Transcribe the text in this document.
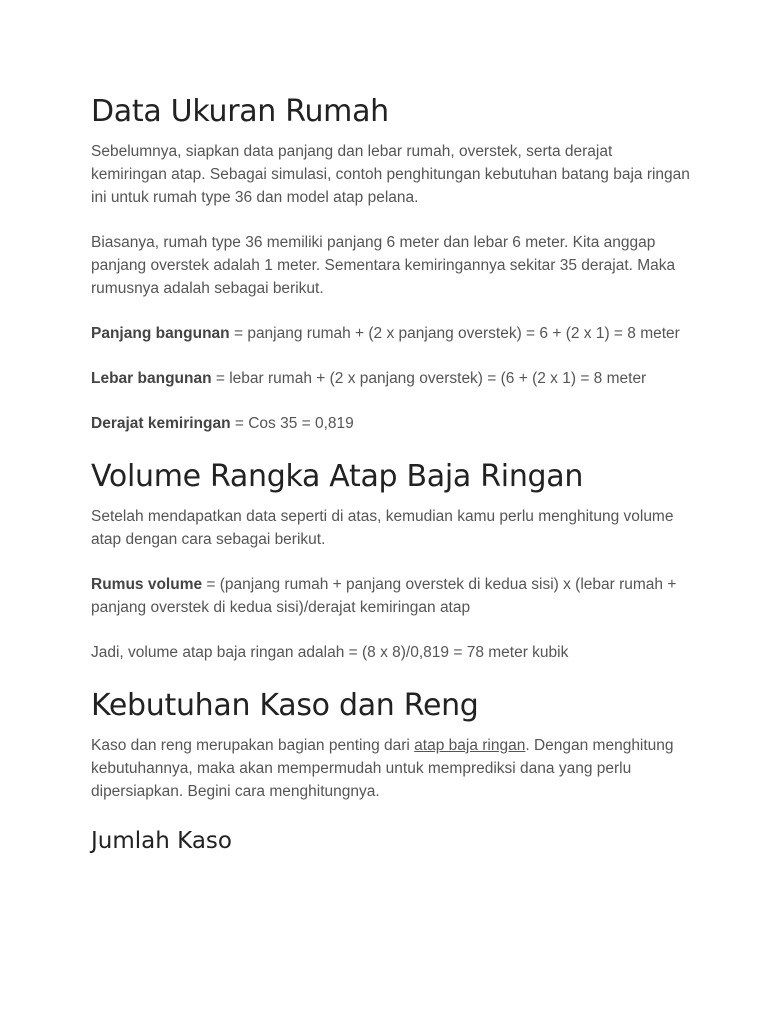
Data Ukuran Rumah

Sebelumnya, siapkan data panjang dan lebar rumah, overstek, serta derajat kemiringan atap. Sebagai simulasi, contoh penghitungan kebutuhan batang baja ringan ini untuk rumah type 36 dan model atap pelana.

Biasanya, rumah type 36 memiliki panjang 6 meter dan lebar 6 meter. Kita anggap panjang overstek adalah 1 meter. Sementara kemiringannya sekitar 35 derajat. Maka rumusnya adalah sebagai berikut.

Panjang bangunan = panjang rumah + (2 x panjang overstek) = 6 + (2 x 1) = 8 meter

Lebar bangunan = lebar rumah + (2 x panjang overstek) = (6 + (2 x 1) = 8 meter

Derajat kemiringan = Cos 35 = 0,819

Volume Rangka Atap Baja Ringan

Setelah mendapatkan data seperti di atas, kemudian kamu perlu menghitung volume atap dengan cara sebagai berikut.

Rumus volume = (panjang rumah + panjang overstek di kedua sisi) x (lebar rumah + panjang overstek di kedua sisi)/derajat kemiringan atap

Jadi, volume atap baja ringan adalah = (8 x 8)/0,819 = 78 meter kubik

Kebutuhan Kaso dan Reng

Kaso dan reng merupakan bagian penting dari atap baja ringan. Dengan menghitung kebutuhannya, maka akan mempermudah untuk memprediksi dana yang perlu dipersiapkan. Begini cara menghitungnya.

Jumlah Kaso
